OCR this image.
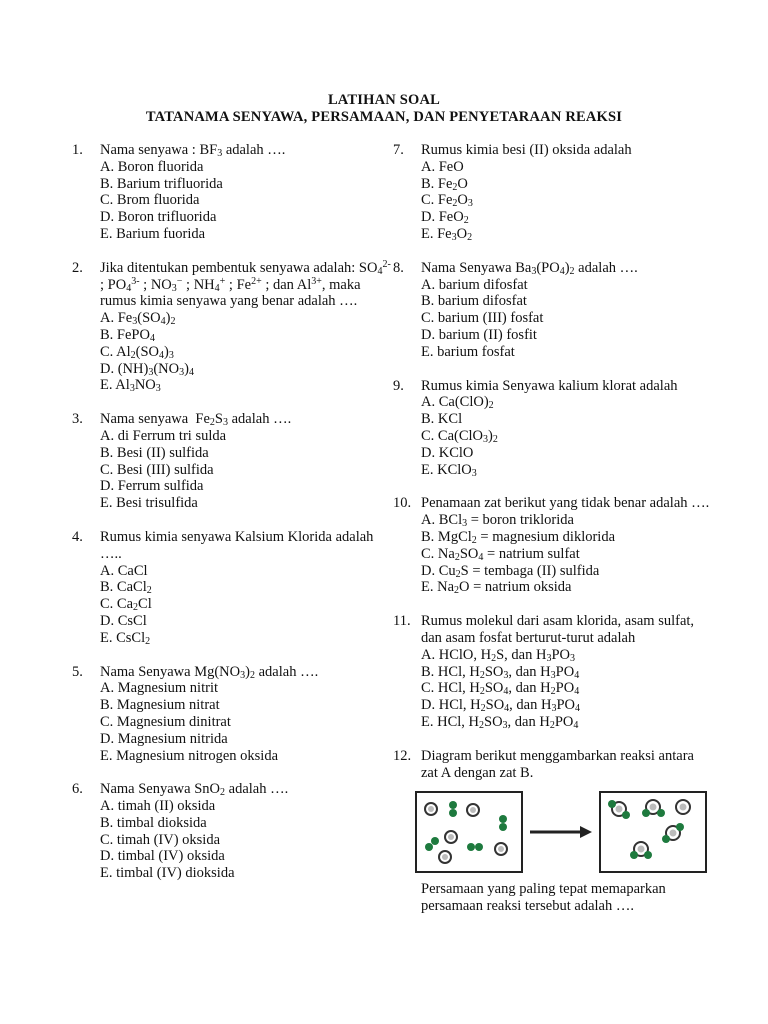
LATIHAN SOAL
TATANAMA SENYAWA, PERSAMAAN, DAN PENYETARAAN REAKSI
1. Nama senyawa : $BF_3$ adalah ….
A. Boron fluorida
B. Barium trifluorida
C. Brom fluorida
D. Boron trifluorida
E. Barium fuorida
2. Jika ditentukan pembentuk senyawa adalah: $SO_4^{2-}$ ; $PO_4^{3-}$ ; $NO_3^-$ ; $NH_4^+$ ; $Fe^{2+}$ ; dan $Al^{3+}$, maka rumus kimia senyawa yang benar adalah ….
A. $Fe_3(SO_4)_2$
B. FePO$_4$
C. $Al_2(SO_4)_3$
D. $(NH)_3(NO_3)_4$
E. $Al_3NO_3$
3. Nama senyawa  $Fe_2S_3$ adalah ….
A. di Ferrum tri sulda
B. Besi (II) sulfida
C. Besi (III) sulfida
D. Ferrum sulfida
E. Besi trisulfida
4. Rumus kimia senyawa Kalsium Klorida adalah …..
A. CaCl
B. CaCl$_2$
C. $Ca_2Cl$
D. CsCl
E. CsCl$_2$
5. Nama Senyawa $Mg(NO_3)_2$ adalah ….
A. Magnesium nitrit
B. Magnesium nitrat
C. Magnesium dinitrat
D. Magnesium nitrida
E. Magnesium nitrogen oksida
6. Nama Senyawa SnO$_2$ adalah ….
A. timah (II) oksida
B. timbal dioksida
C. timah (IV) oksida
D. timbal (IV) oksida
E. timbal (IV) dioksida
7. Rumus kimia besi (II) oksida adalah
A. FeO
B. $Fe_2O$
C. $Fe_2O_3$
D. FeO$_2$
E. $Fe_3O_2$
8. Nama Senyawa $Ba_3(PO_4)_2$ adalah ….
A. barium difosfat
B. barium difosfat
C. barium (III) fosfat
D. barium (II) fosfit
E. barium fosfat
9. Rumus kimia Senyawa kalium klorat adalah
A. $Ca(ClO)_2$
B. KCl
C. $Ca(ClO_3)_2$
D. KClO
E. KClO$_3$
10. Penamaan zat berikut yang tidak benar adalah ….
A. BCl$_3$ = boron triklorida
B. MgCl$_2$ = magnesium diklorida
C. $Na_2SO_4$ = natrium sulfat
D. $Cu_2S$ = tembaga (II) sulfida
E. $Na_2O$ = natrium oksida
11. Rumus molekul dari asam klorida, asam sulfat, dan asam fosfat berturut-turut adalah
A. HClO, $H_2S$, dan $H_3PO_3$
B. HCl, $H_2SO_3$, dan $H_3PO_4$
C. HCl, $H_2SO_4$, dan $H_2PO_4$
D. HCl, $H_2SO_4$, dan $H_3PO_4$
E. HCl, $H_2SO_3$, dan $H_2PO_4$
12. Diagram berikut menggambarkan reaksi antara zat A dengan zat B.
Persamaan yang paling tepat memaparkan persamaan reaksi tersebut adalah ….
